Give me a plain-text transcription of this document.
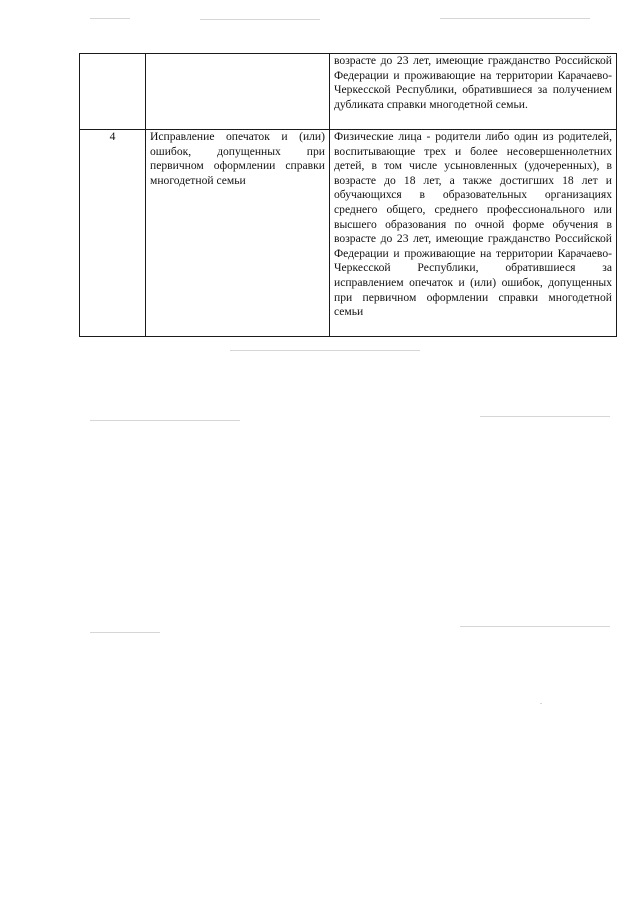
		возрасте до 23 лет, имеющие гражданство Российской Федерации и проживающие на территории Карачаево-Черкесской Республики, обратившиеся за получением дубликата справки многодетной семьи.
4	Исправление опечаток и (или) ошибок, допущенных при первичном оформлении справки многодетной семьи	Физические лица - родители либо один из родителей, воспитывающие трех и более несовершеннолетних детей, в том числе усыновленных (удочеренных), в возрасте до 18 лет, а также достигших 18 лет и обучающихся в образовательных организациях среднего общего, среднего профессионального или высшего образования по очной форме обучения в возрасте до 23 лет, имеющие гражданство Российской Федерации и проживающие на территории Карачаево-Черкесской Республики, обратившиеся за исправлением опечаток и (или) ошибок, допущенных при первичном оформлении справки многодетной семьи
